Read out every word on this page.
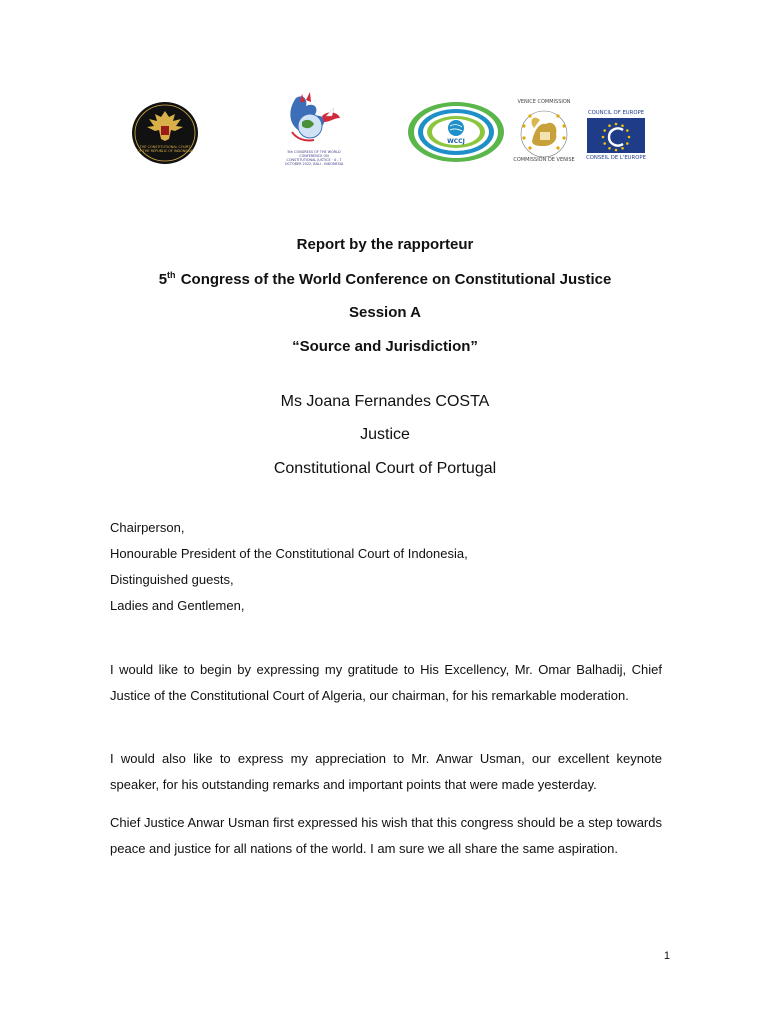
THE CONSTITUTIONAL COURT OF THE REPUBLIC OF INDONESIA	5th CONGRESS OF THE WORLD CONFERENCE ON CONSTITUTIONAL JUSTICE · 4 - 7 OCTOBER 2022, BALI - INDONESIA
WCCJ
VENICE COMMISSION
COMMISSION DE VENISE
COUNCIL OF EUROPE
CONSEIL DE L'EUROPE
Report by the rapporteur
5th Congress of the World Conference on Constitutional Justice
Session A
“Source and Jurisdiction”
Ms Joana Fernandes COSTA
Justice
Constitutional Court of Portugal
Chairperson,
Honourable President of the Constitutional Court of Indonesia,
Distinguished guests,
Ladies and Gentlemen,
I would like to begin by expressing my gratitude to His Excellency, Mr. Omar Balhadij, Chief Justice of the Constitutional Court of Algeria, our chairman, for his remarkable moderation.
I would also like to express my appreciation to Mr. Anwar Usman, our excellent keynote speaker, for his outstanding remarks and important points that were made yesterday.
Chief Justice Anwar Usman first expressed his wish that this congress should be a step towards peace and justice for all nations of the world. I am sure we all share the same aspiration.
1
